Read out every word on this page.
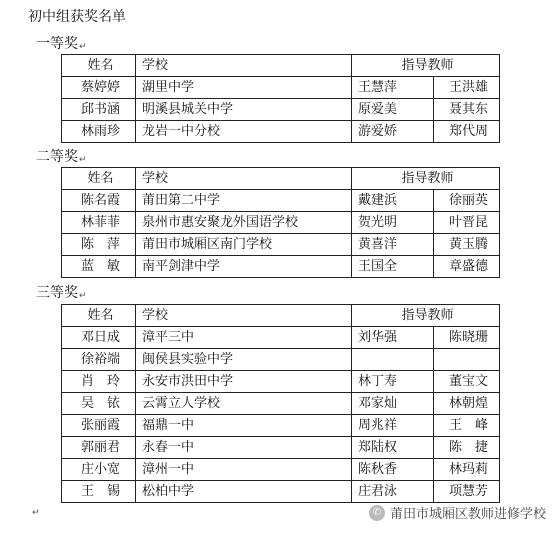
初中组获奖名单
一等奖↵
姓名	学校	指导教师	
蔡婷婷	湖里中学	王慧萍	王洪雄
邱书涵	明溪县城关中学	原爱美	聂其东
林雨珍	龙岩一中分校	游爱娇	郑代周
二等奖↵
姓名	学校	指导教师	
陈名霞	莆田第二中学	戴建浜	徐丽英
林菲菲	泉州市惠安聚龙外国语学校	贺光明	叶晋昆
陈　萍	莆田市城厢区南门学校	黄喜洋	黄玉腾
蓝　敏	南平剑津中学	王国全	章盛德
三等奖↵
姓名	学校	指导教师	
邓日成	漳平三中	刘华强	陈晓珊
徐裕端	闽侯县实验中学		
肖　玲	永安市洪田中学	林丁寿	董宝文
吴　铱	云霄立人学校	邓家灿	林朝煌
张丽霞	福鼎一中	周兆祥	王　峰
郭丽君	永春一中	郑陆权	陈　捷
庄小宽	漳州一中	陈秋香	林玛莉
王　锡	松柏中学	庄君泳	项慧芳
↵	✆ 莆田市城厢区教师进修学校
